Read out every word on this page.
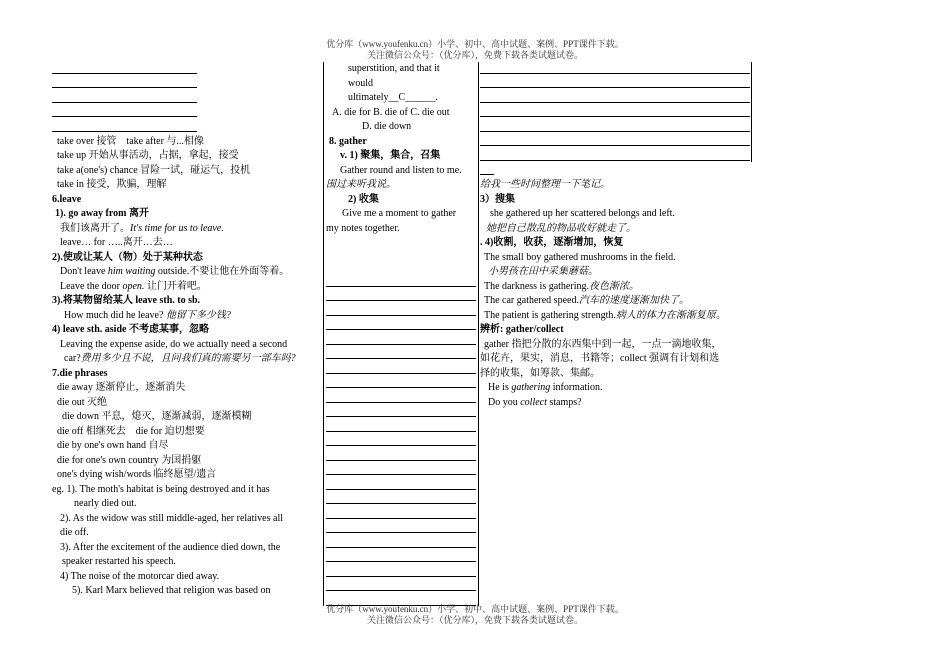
优分库（www.youfenku.cn）小学、初中、高中试题、案例、PPT课件下载。
关注微信公众号：（优分库），免费下载各类试题试卷。
take over 接管　take after 与...相像
take up 开始从事活动，占据，拿起，接受
take a(one's) chance 冒险一试，碰运气，投机
take in 接受，欺骗，理解
6.leave
1). go away from 离开
我们该离开了。It's time for us to leave.
leave… for …..离开…去…
2).使或让某人（物）处于某种状态
Don't leave him waiting outside.不要让他在外面等着。
Leave the door open. 让门开着吧。
3).将某物留给某人 leave sth. to sb.
How much did he leave? 他留下多少钱?
4) leave sth. aside 不考虑某事，忽略
Leaving the expense aside, do we actually need a second
car?费用多少且不说，且问我们真的需要另一部车吗?
7.die phrases
die away 逐渐停止，逐渐消失
die out 灭绝
die down 平息，熄灭，逐渐减弱，逐渐模糊
die off 相继死去　die for 迫切想要
die by one's own hand 自尽
die for one's own country 为国捐躯
one's dying wish/words 临终愿望/遗言
eg. 1). The moth's habitat is being destroyed and it has
nearly died out.
2). As the widow was still middle-aged, her relatives all
die off.
3). After the excitement of the audience died down, the
speaker restarted his speech.
4) The noise of the motorcar died away.
5). Karl Marx believed that religion was based on
superstition, and that it
would
ultimately__C______.
A. die for B. die of C. die out
D. die down
8. gather
v. 1) 聚集，集合，召集
Gather round and listen to me.
围过来听我说。
2) 收集
Give me a moment to gather
my notes together.
给我一些时间整理一下笔记。
3）搜集
she gathered up her scattered belongs and left.
她把自己散乱的物品收好就走了。
. 4)收割，收获，逐渐增加，恢复
The small boy gathered mushrooms in the field.
小男孩在田中采集蘑菇。
The darkness is gathering.夜色渐浓。
The car gathered speed.汽车的速度逐渐加快了。
The patient is gathering strength.病人的体力在渐渐复原。
辨析: gather/collect
gather 指把分散的东西集中到一起，一点一滴地收集，
如花卉，果实，消息，书籍等；collect 强调有计划和选
择的收集，如筹款、集邮。
He is gathering information.
Do you collect stamps?
优分库（www.youfenku.cn）小学、初中、高中试题、案例、PPT课件下载。
关注微信公众号：（优分库），免费下载各类试题试卷。
